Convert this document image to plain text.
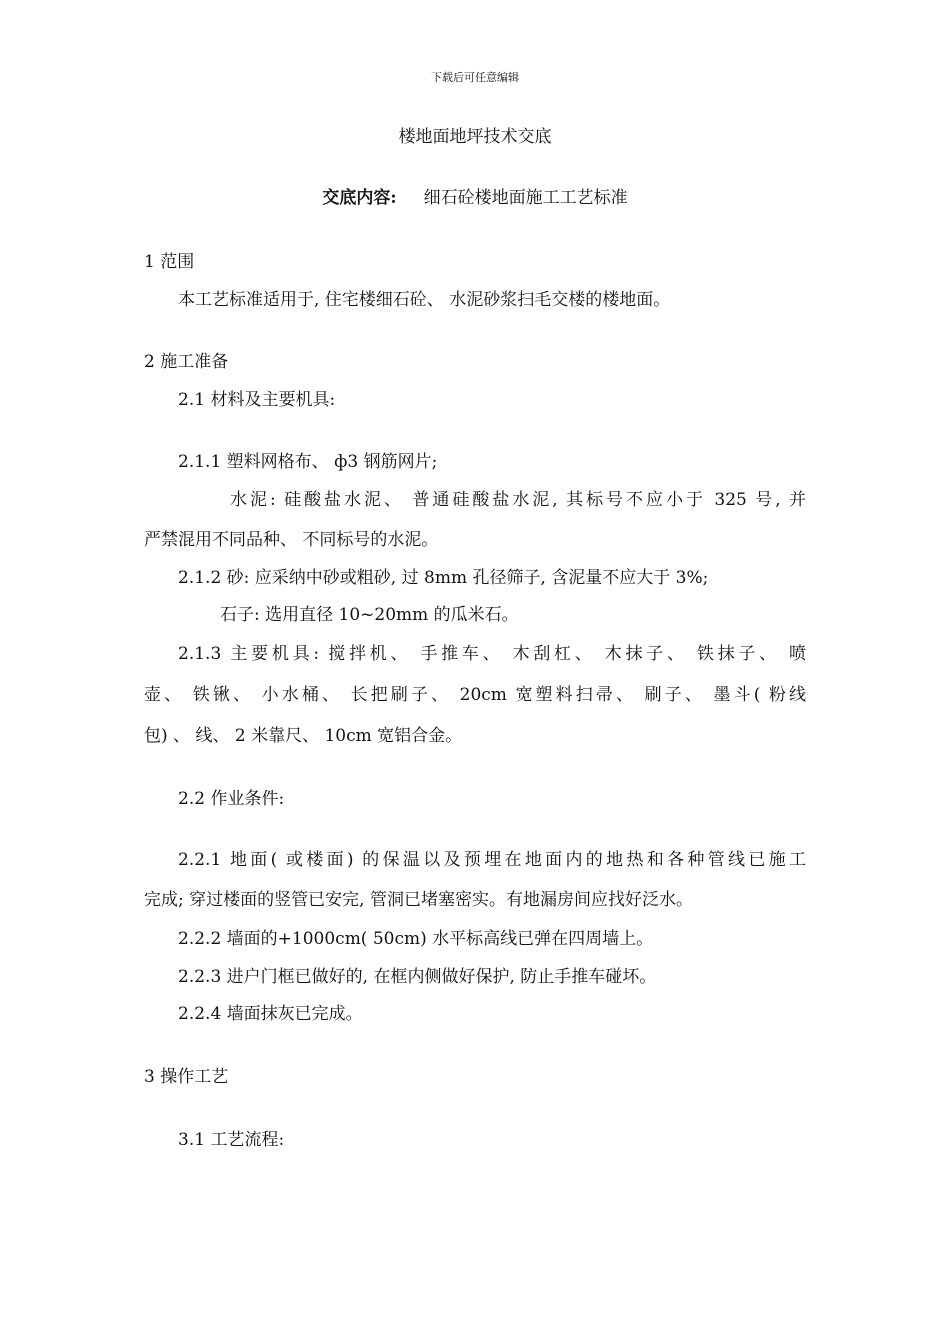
下载后可任意编辑
楼地面地坪技术交底
交底内容: 细石砼楼地面施工工艺标准
1 范围
本工艺标准适用于, 住宅楼细石砼、 水泥砂浆扫毛交楼的楼地面。
2 施工准备
2.1 材料及主要机具:
2.1.1 塑料网格布、 ф3 钢筋网片;
水泥: 硅酸盐水泥、 普通硅酸盐水泥, 其标号不应小于 325 号, 并
严禁混用不同品种、 不同标号的水泥。
2.1.2 砂: 应采纳中砂或粗砂, 过 8mm 孔径筛子, 含泥量不应大于 3%;
石子: 选用直径 10~20mm 的瓜米石。
2.1.3 主要机具: 搅拌机、 手推车、 木刮杠、 木抹子、 铁抹子、 喷
壶、 铁锹、 小水桶、 长把刷子、 20cm 宽塑料扫帚、 刷子、 墨斗( 粉线
包) 、 线、 2 米靠尺、 10cm 宽铝合金。
2.2 作业条件:
2.2.1 地面( 或楼面) 的保温以及预埋在地面内的地热和各种管线已施工
完成; 穿过楼面的竖管已安完, 管洞已堵塞密实。有地漏房间应找好泛水。
2.2.2 墙面的+1000cm( 50cm) 水平标高线已弹在四周墙上。
2.2.3 进户门框已做好的, 在框内侧做好保护, 防止手推车碰坏。
2.2.4 墙面抹灰已完成。
3 操作工艺
3.1 工艺流程:
